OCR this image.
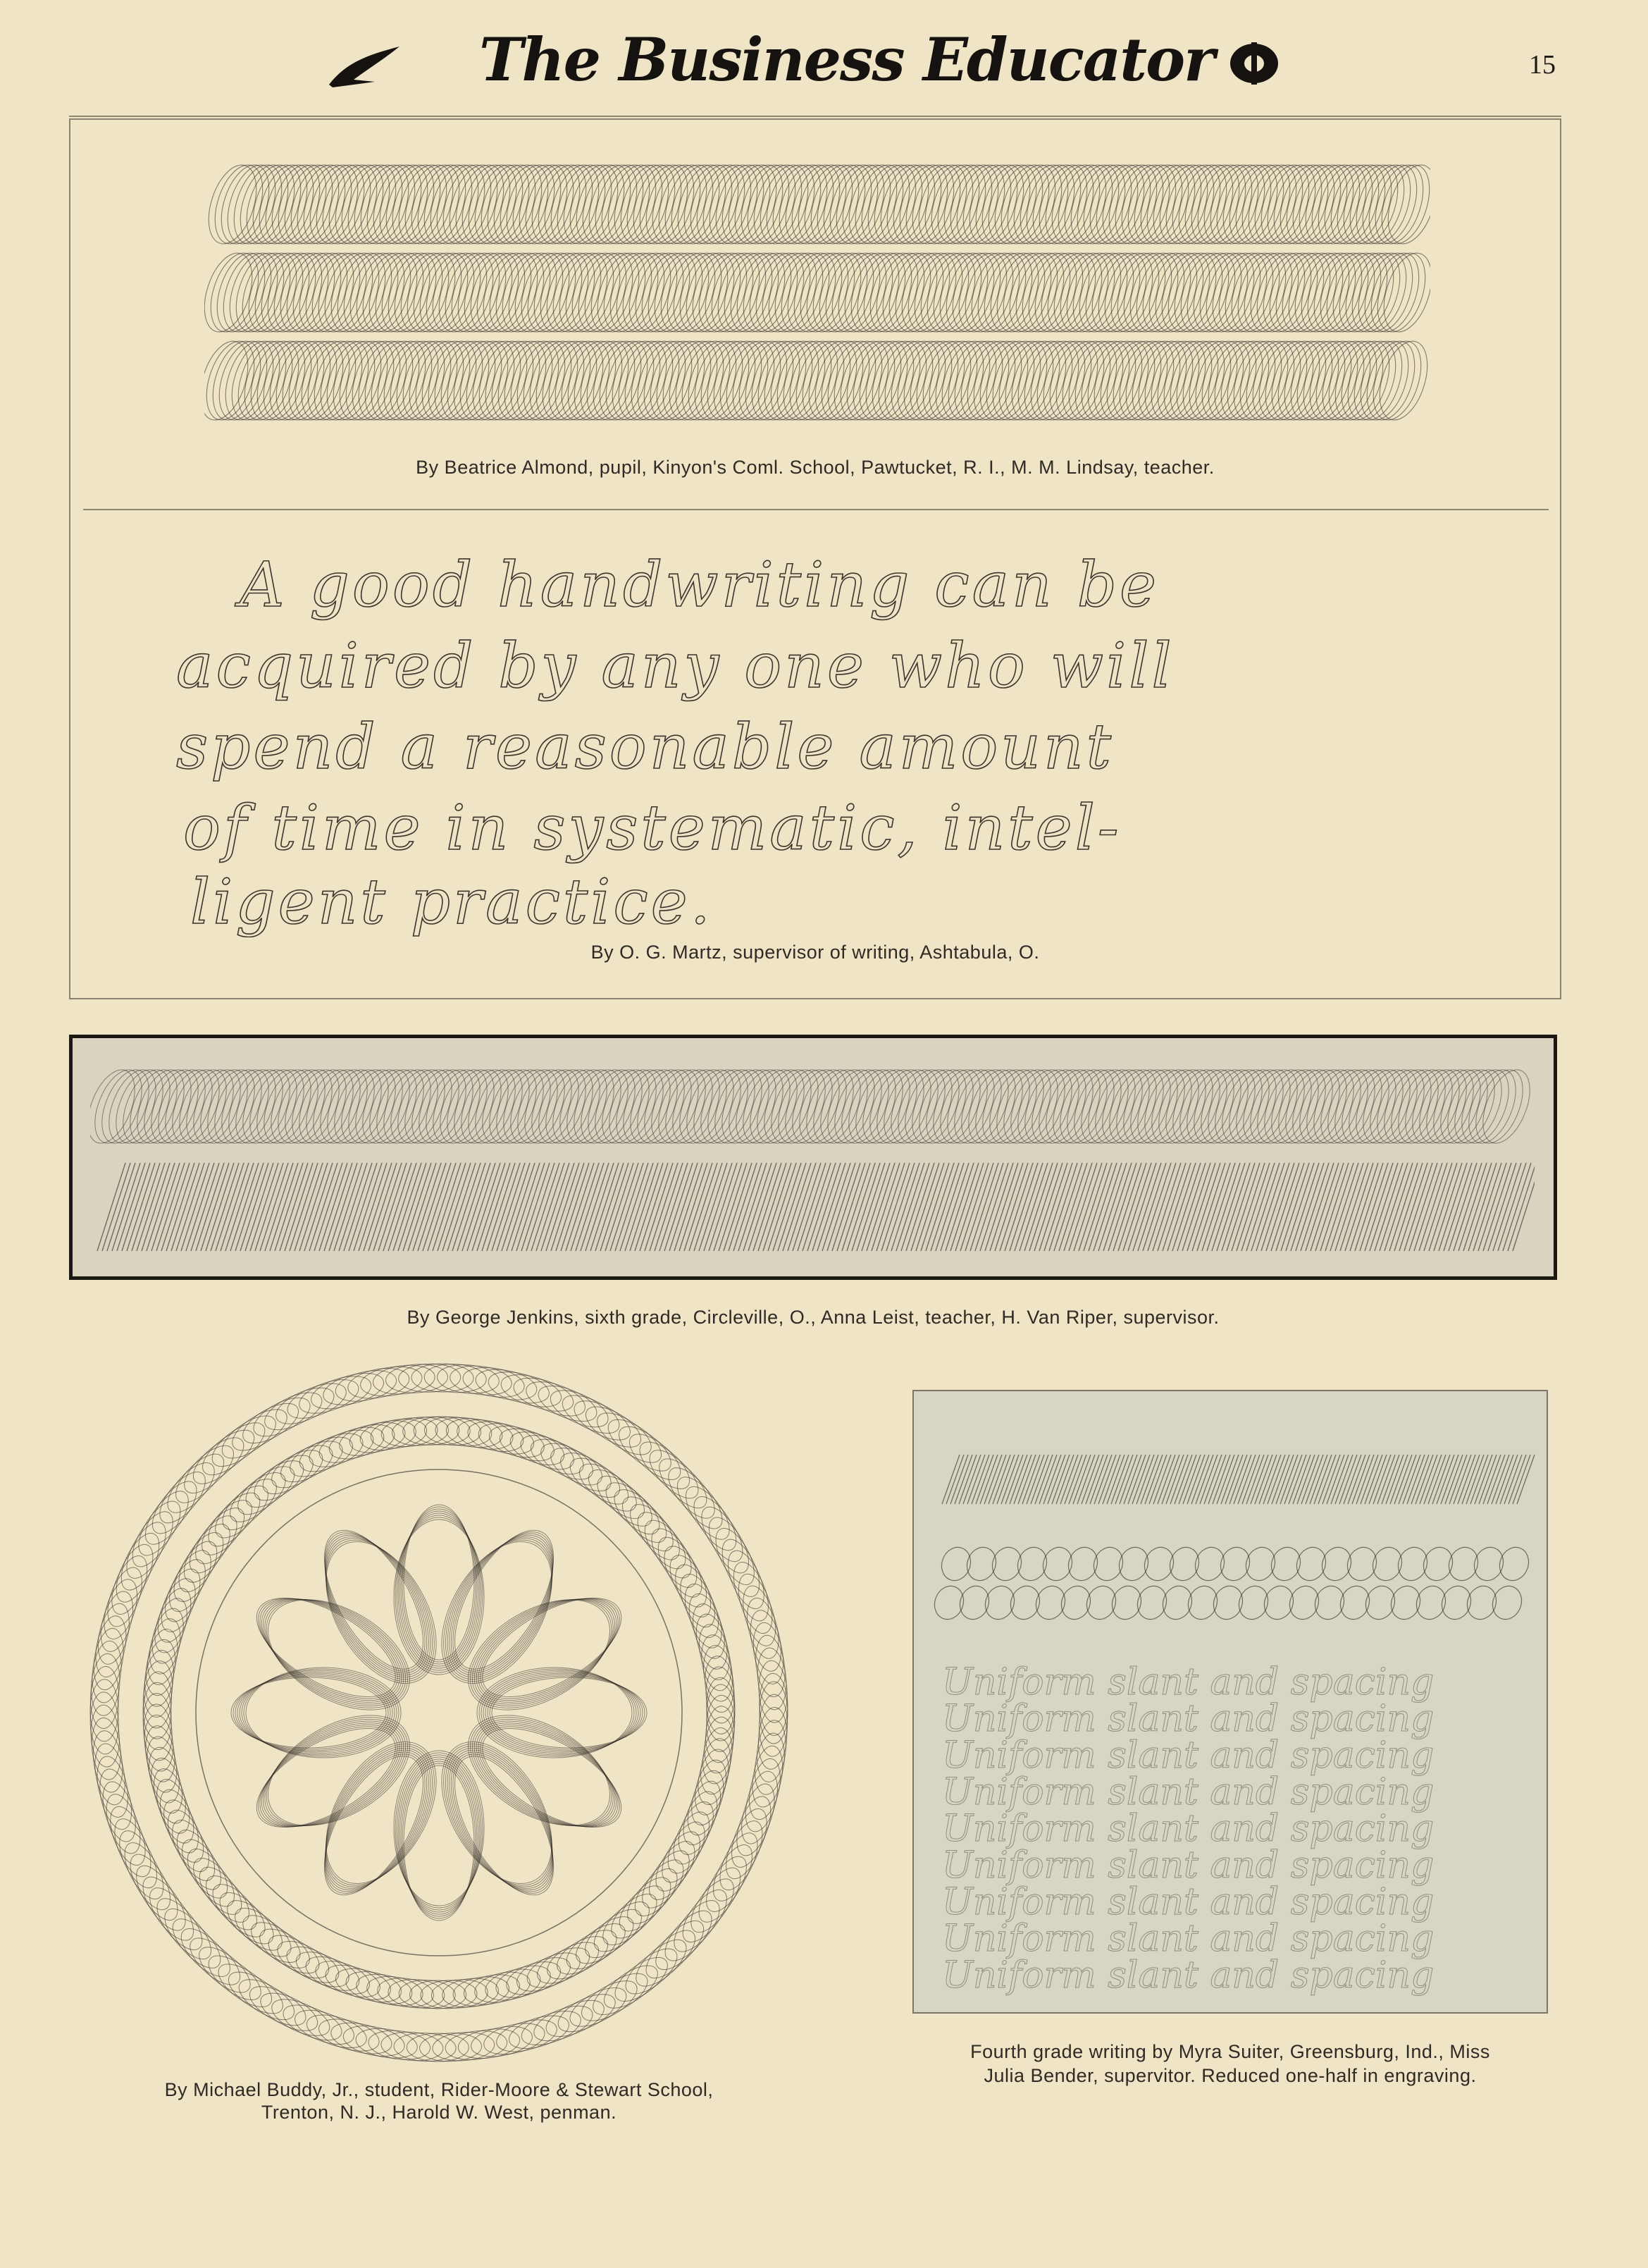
The Business Educator	15
By Beatrice Almond, pupil, Kinyon's Coml. School, Pawtucket, R. I., M. M. Lindsay, teacher.
A good handwriting can be
acquired by any one who will
spend a reasonable amount
of time in systematic, intel-
ligent practice.
By O. G. Martz, supervisor of writing, Ashtabula, O.
By George Jenkins, sixth grade, Circleville, O., Anna Leist, teacher, H. Van Riper, supervisor.
By Michael Buddy, Jr., student, Rider-Moore & Stewart School,
Trenton, N. J., Harold W. West, penman.
Uniform slant and spacing
Uniform slant and spacing
Uniform slant and spacing
Uniform slant and spacing
Uniform slant and spacing
Uniform slant and spacing
Uniform slant and spacing
Uniform slant and spacing
Uniform slant and spacing
Fourth grade writing by Myra Suiter, Greensburg, Ind., Miss
Julia Bender, supervitor. Reduced one-half in engraving.
